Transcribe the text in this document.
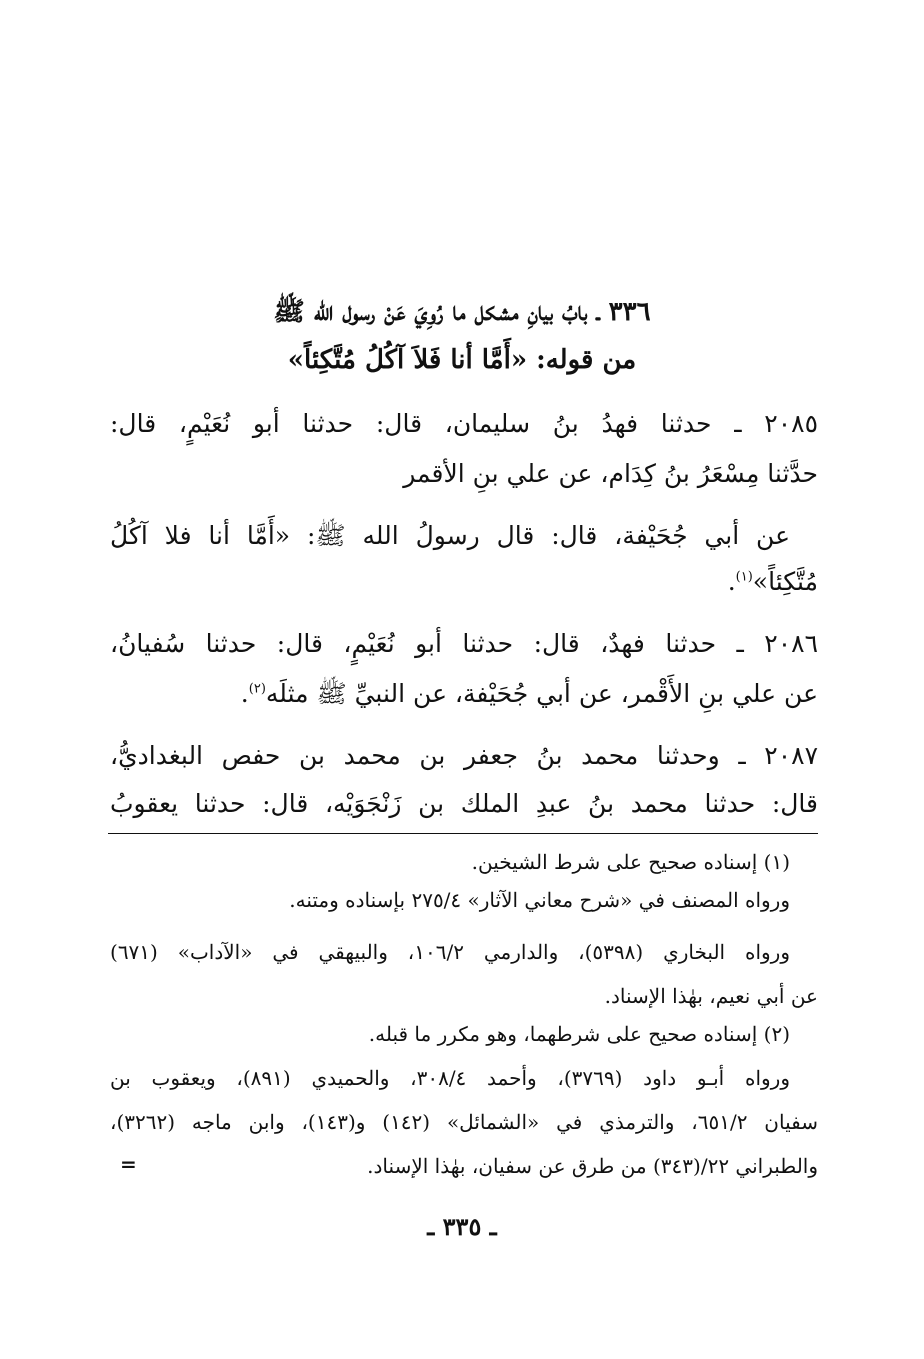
٣٣٦ ـ بابُ بيانِ مشكل ما رُوِيَ عَنْ رسول الله ﷺ
من قوله: «أَمَّا أنا فَلاَ آكُلُ مُتَّكِئاً»
٢٠٨٥ ـ حدثنا فهدُ بنُ سليمان، قال: حدثنا أبو نُعَيْمٍ، قال:
حدَّثنا مِسْعَرُ بنُ كِدَام، عن علي بنِ الأقمر
عن أبي جُحَيْفة، قال: قال رسولُ الله ﷺ: «أَمَّا أنا فلا آكُلُ
مُتَّكِئاً»$^{(١)}$.
٢٠٨٦ ـ حدثنا فهدٌ، قال: حدثنا أبو نُعَيْمٍ، قال: حدثنا سُفيانُ،
عن علي بنِ الأَقْمر، عن أبي جُحَيْفة، عن النبيِّ ﷺ مثلَه$^{(٢)}$.
٢٠٨٧ ـ وحدثنا محمد بنُ جعفر بن محمد بن حفص البغداديُّ،
قال: حدثنا محمد بنُ عبدِ الملك بن زَنْجَوَيْه، قال: حدثنا يعقوبُ
(١) إسناده صحيح على شرط الشيخين.
ورواه المصنف في «شرح معاني الآثار» ٢٧٥/٤ بإسناده ومتنه.
ورواه البخاري (٥٣٩٨)، والدارمي ١٠٦/٢، والبيهقي في «الآداب» (٦٧١)
عن أبي نعيم، بهٰذا الإسناد.
(٢) إسناده صحيح على شرطهما، وهو مكرر ما قبله.
ورواه أبـو داود (٣٧٦٩)، وأحمد ٣٠٨/٤، والحميدي (٨٩١)، ويعقوب بن
سفيان ٦٥١/٢، والترمذي في «الشمائل» (١٤٢) و(١٤٣)، وابن ماجه (٣٢٦٢)،
والطبراني ٢٢/(٣٤٣) من طرق عن سفيان، بهٰذا الإسناد.
=
ـ ٣٣٥ ـ
